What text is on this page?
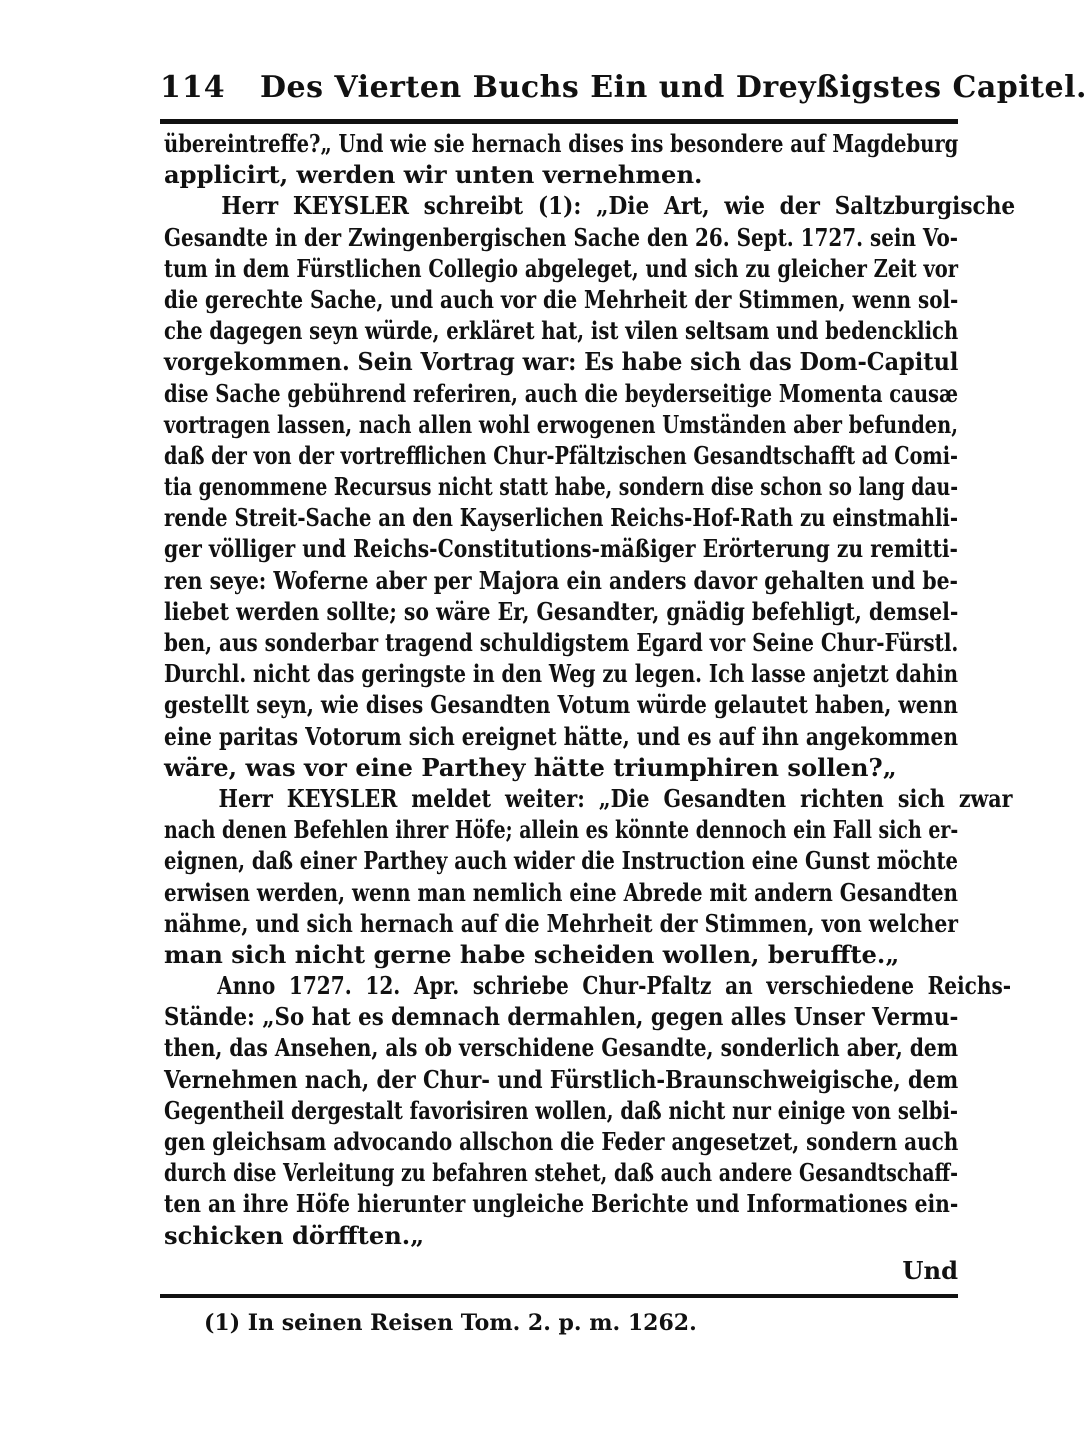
114 Des Vierten Buchs Ein und Dreyßigstes Capitel.
übereintreffe?„ Und wie sie hernach dises ins besondere auf Magdeburg
applicirt, werden wir unten vernehmen.
Herr KEYSLER schreibt (1): „Die Art, wie der Saltzburgische
Gesandte in der Zwingenbergischen Sache den 26. Sept. 1727. sein Vo-
tum in dem Fürstlichen Collegio abgeleget, und sich zu gleicher Zeit vor
die gerechte Sache, und auch vor die Mehrheit der Stimmen, wenn sol-
che dagegen seyn würde, erkläret hat, ist vilen seltsam und bedencklich
vorgekommen. Sein Vortrag war: Es habe sich das Dom-Capitul
dise Sache gebührend referiren, auch die beyderseitige Momenta causæ
vortragen lassen, nach allen wohl erwogenen Umständen aber befunden,
daß der von der vortrefflichen Chur-Pfältzischen Gesandtschafft ad Comi-
tia genommene Recursus nicht statt habe, sondern dise schon so lang dau-
rende Streit-Sache an den Kayserlichen Reichs-Hof-Rath zu einstmahli-
ger völliger und Reichs-Constitutions-mäßiger Erörterung zu remitti-
ren seye: Woferne aber per Majora ein anders davor gehalten und be-
liebet werden sollte; so wäre Er, Gesandter, gnädig befehligt, demsel-
ben, aus sonderbar tragend schuldigstem Egard vor Seine Chur-Fürstl.
Durchl. nicht das geringste in den Weg zu legen. Ich lasse anjetzt dahin
gestellt seyn, wie dises Gesandten Votum würde gelautet haben, wenn
eine paritas Votorum sich ereignet hätte, und es auf ihn angekommen
wäre, was vor eine Parthey hätte triumphiren sollen?„
Herr KEYSLER meldet weiter: „Die Gesandten richten sich zwar
nach denen Befehlen ihrer Höfe; allein es könnte dennoch ein Fall sich er-
eignen, daß einer Parthey auch wider die Instruction eine Gunst möchte
erwisen werden, wenn man nemlich eine Abrede mit andern Gesandten
nähme, und sich hernach auf die Mehrheit der Stimmen, von welcher
man sich nicht gerne habe scheiden wollen, beruffte.„
Anno 1727. 12. Apr. schriebe Chur-Pfaltz an verschiedene Reichs-
Stände: „So hat es demnach dermahlen, gegen alles Unser Vermu-
then, das Ansehen, als ob verschidene Gesandte, sonderlich aber, dem
Vernehmen nach, der Chur- und Fürstlich-Braunschweigische, dem
Gegentheil dergestalt favorisiren wollen, daß nicht nur einige von selbi-
gen gleichsam advocando allschon die Feder angesetzet, sondern auch
durch dise Verleitung zu befahren stehet, daß auch andere Gesandtschaff-
ten an ihre Höfe hierunter ungleiche Berichte und Informationes ein-
schicken dörfften.„
Und
(1) In seinen Reisen Tom. 2. p. m. 1262.
